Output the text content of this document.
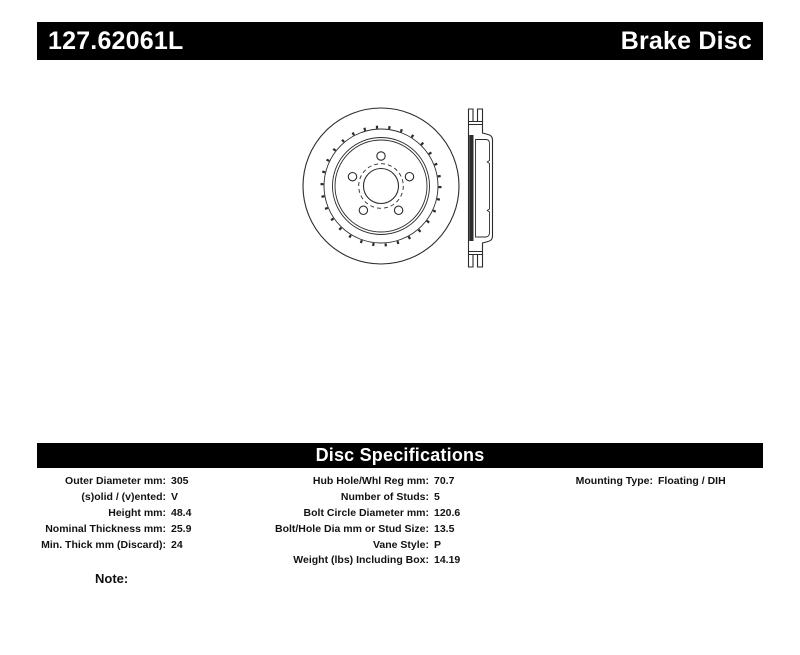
127.62061L	Brake Disc
Disc Specifications
Outer Diameter mm: 305
(s)olid / (v)ented: V
Height mm: 48.4
Nominal Thickness mm: 25.9
Min. Thick mm (Discard): 24
Hub Hole/Whl Reg mm: 70.7
Number of Studs: 5
Bolt Circle Diameter mm: 120.6
Bolt/Hole Dia mm or Stud Size: 13.5
Vane Style: P
Weight (lbs) Including Box: 14.19
Mounting Type: Floating / DIH
Note:
